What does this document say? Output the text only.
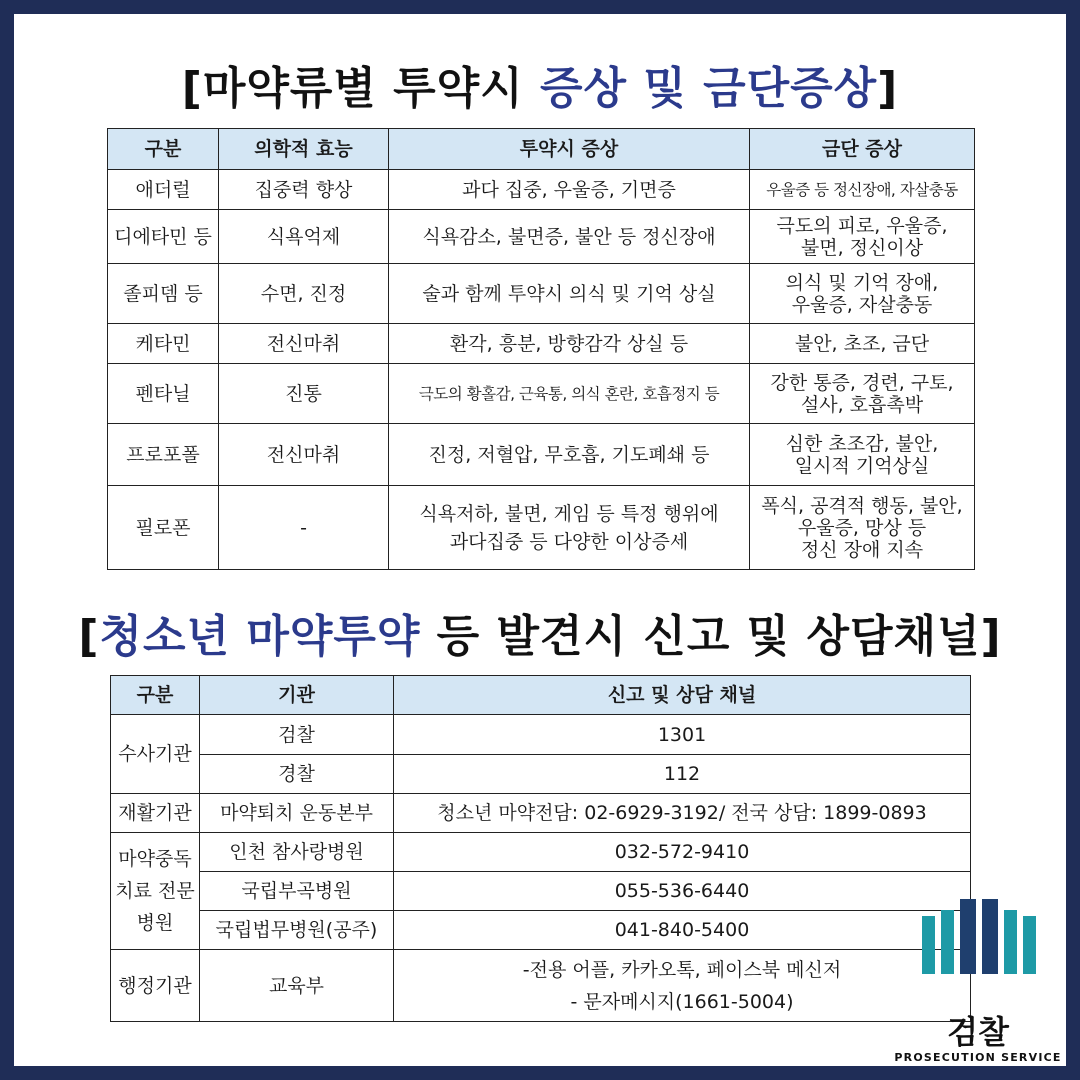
[마약류별 투약시 증상 및 금단증상]
구분	의학적 효능	투약시 증상	금단 증상
애더럴	집중력 향상	과다 집중, 우울증, 기면증	우울증 등 정신장애, 자살충동

디에타민 등	식욕억제	식욕감소, 불면증, 불안 등 정신장애	극도의 피로, 우울증,
불면, 정신이상

졸피뎀 등	수면, 진정	술과 함께 투약시 의식 및 기억 상실	의식 및 기억 장애,
우울증, 자살충동

케타민	전신마취	환각, 흥분, 방향감각 상실 등	불안, 초조, 금단

펜타닐	진통	극도의 황홀감, 근육통, 의식 혼란, 호흡정지 등	강한 통증, 경련, 구토,
설사, 호흡촉박

프로포폴	전신마취	진정, 저혈압, 무호흡, 기도폐쇄 등	심한 초조감, 불안,
일시적 기억상실

필로폰	-	식욕저하, 불면, 게임 등 특정 행위에
과다집중 등 다양한 이상증세	폭식, 공격적 행동, 불안,
우울증, 망상 등
정신 장애 지속
[청소년 마약투약 등 발견시 신고 및 상담채널]
구분	기관	신고 및 상담 채널
수사기관	검찰	1301
	경찰	112
재활기관	마약퇴치 운동본부	청소년 마약전담: 02-6929-3192/ 전국 상담: 1899-0893

마약중독
치료 전문
병원	인천 참사랑병원	032-572-9410
	국립부곡병원	055-536-6440
	국립법무병원(공주)	041-840-5400
행정기관	교육부	-전용 어플, 카카오톡, 페이스북 메신저
- 문자메시지(1661-5004)
검찰
PROSECUTION SERVICE
